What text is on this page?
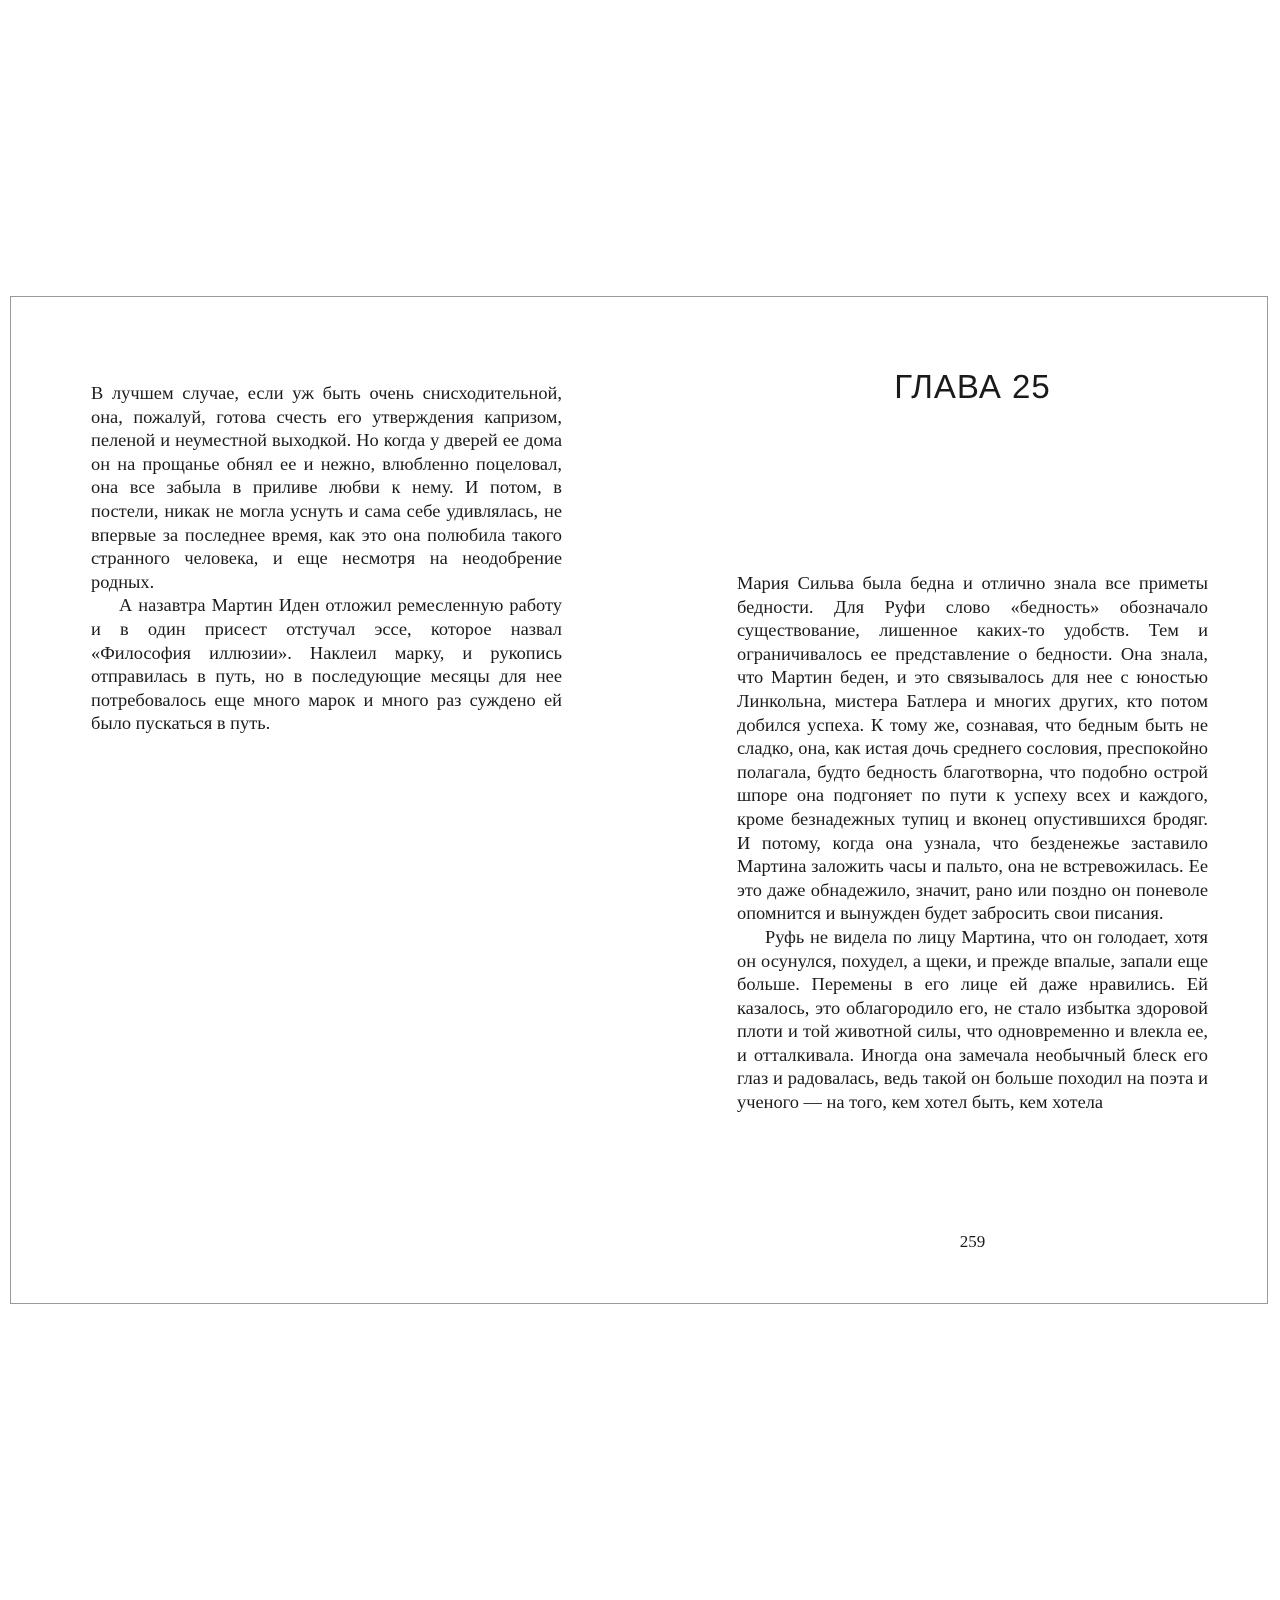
В лучшем случае, если уж быть очень снисходительной, она, пожалуй, готова счесть его утверждения капризом, пеленой и неуместной выходкой. Но когда у дверей ее дома он на прощанье обнял ее и нежно, влюбленно поцеловал, она все забыла в приливе любви к нему. И потом, в постели, никак не могла уснуть и сама себе удивлялась, не впервые за последнее время, как это она полюбила такого странного человека, и еще несмотря на неодобрение родных.

А назавтра Мартин Иден отложил ремесленную работу и в один присест отстучал эссе, которое назвал «Философия иллюзии». Наклеил марку, и рукопись отправилась в путь, но в последующие месяцы для нее потребовалось еще много марок и много раз суждено ей было пускаться в путь.

ГЛАВА 25

Мария Сильва была бедна и отлично знала все приметы бедности. Для Руфи слово «бедность» обозначало существование, лишенное каких-то удобств. Тем и ограничивалось ее представление о бедности. Она знала, что Мартин беден, и это связывалось для нее с юностью Линкольна, мистера Батлера и многих других, кто потом добился успеха. К тому же, сознавая, что бедным быть не сладко, она, как истая дочь среднего сословия, преспокойно полагала, будто бедность благотворна, что подобно острой шпоре она подгоняет по пути к успеху всех и каждого, кроме безнадежных тупиц и вконец опустившихся бродяг. И потому, когда она узнала, что безденежье заставило Мартина заложить часы и пальто, она не встревожилась. Ее это даже обнадежило, значит, рано или поздно он поневоле опомнится и вынужден будет забросить свои писания.

Руфь не видела по лицу Мартина, что он голодает, хотя он осунулся, похудел, а щеки, и прежде впалые, запали еще больше. Перемены в его лице ей даже нравились. Ей казалось, это облагородило его, не стало избытка здоровой плоти и той животной силы, что одновременно и влекла ее, и отталкивала. Иногда она замечала необычный блеск его глаз и радовалась, ведь такой он больше походил на поэта и ученого — на того, кем хотел быть, кем хотела

259
